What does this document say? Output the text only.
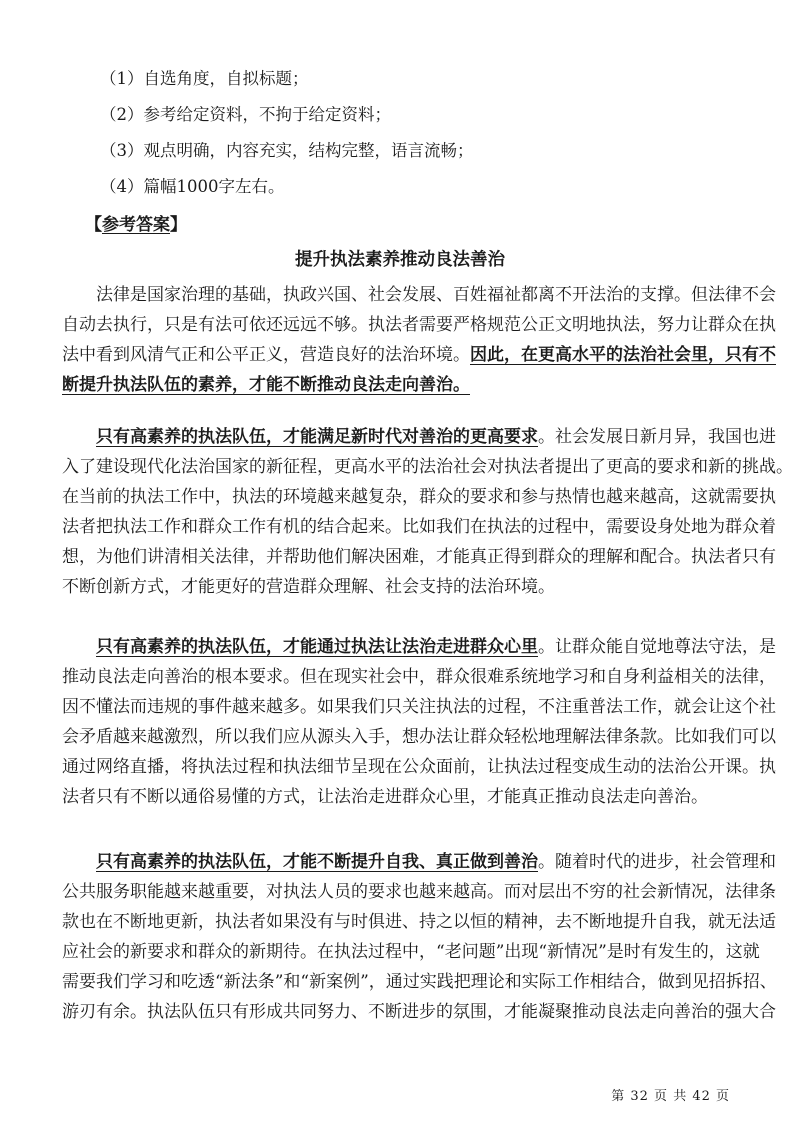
（1）自选角度，自拟标题；
（2）参考给定资料，不拘于给定资料；
（3）观点明确，内容充实，结构完整，语言流畅；
（4）篇幅1000字左右。
【参考答案】
提升执法素养推动良法善治
法律是国家治理的基础，执政兴国、社会发展、百姓福祉都离不开法治的支撑。但法律不会
自动去执行，只是有法可依还远远不够。执法者需要严格规范公正文明地执法，努力让群众在执
法中看到风清气正和公平正义，营造良好的法治环境。因此，在更高水平的法治社会里，只有不
断提升执法队伍的素养，才能不断推动良法走向善治。
只有高素养的执法队伍，才能满足新时代对善治的更高要求。社会发展日新月异，我国也进
入了建设现代化法治国家的新征程，更高水平的法治社会对执法者提出了更高的要求和新的挑战。
在当前的执法工作中，执法的环境越来越复杂，群众的要求和参与热情也越来越高，这就需要执
法者把执法工作和群众工作有机的结合起来。比如我们在执法的过程中，需要设身处地为群众着
想，为他们讲清相关法律，并帮助他们解决困难，才能真正得到群众的理解和配合。执法者只有
不断创新方式，才能更好的营造群众理解、社会支持的法治环境。
只有高素养的执法队伍，才能通过执法让法治走进群众心里。让群众能自觉地尊法守法，是
推动良法走向善治的根本要求。但在现实社会中，群众很难系统地学习和自身利益相关的法律，
因不懂法而违规的事件越来越多。如果我们只关注执法的过程，不注重普法工作，就会让这个社
会矛盾越来越激烈，所以我们应从源头入手，想办法让群众轻松地理解法律条款。比如我们可以
通过网络直播，将执法过程和执法细节呈现在公众面前，让执法过程变成生动的法治公开课。执
法者只有不断以通俗易懂的方式，让法治走进群众心里，才能真正推动良法走向善治。
只有高素养的执法队伍，才能不断提升自我、真正做到善治。随着时代的进步，社会管理和
公共服务职能越来越重要，对执法人员的要求也越来越高。而对层出不穷的社会新情况，法律条
款也在不断地更新，执法者如果没有与时俱进、持之以恒的精神，去不断地提升自我，就无法适
应社会的新要求和群众的新期待。在执法过程中，“老问题”出现“新情况”是时有发生的，这就
需要我们学习和吃透“新法条”和“新案例”，通过实践把理论和实际工作相结合，做到见招拆招、
游刃有余。执法队伍只有形成共同努力、不断进步的氛围，才能凝聚推动良法走向善治的强大合
第 32 页 共 42 页
